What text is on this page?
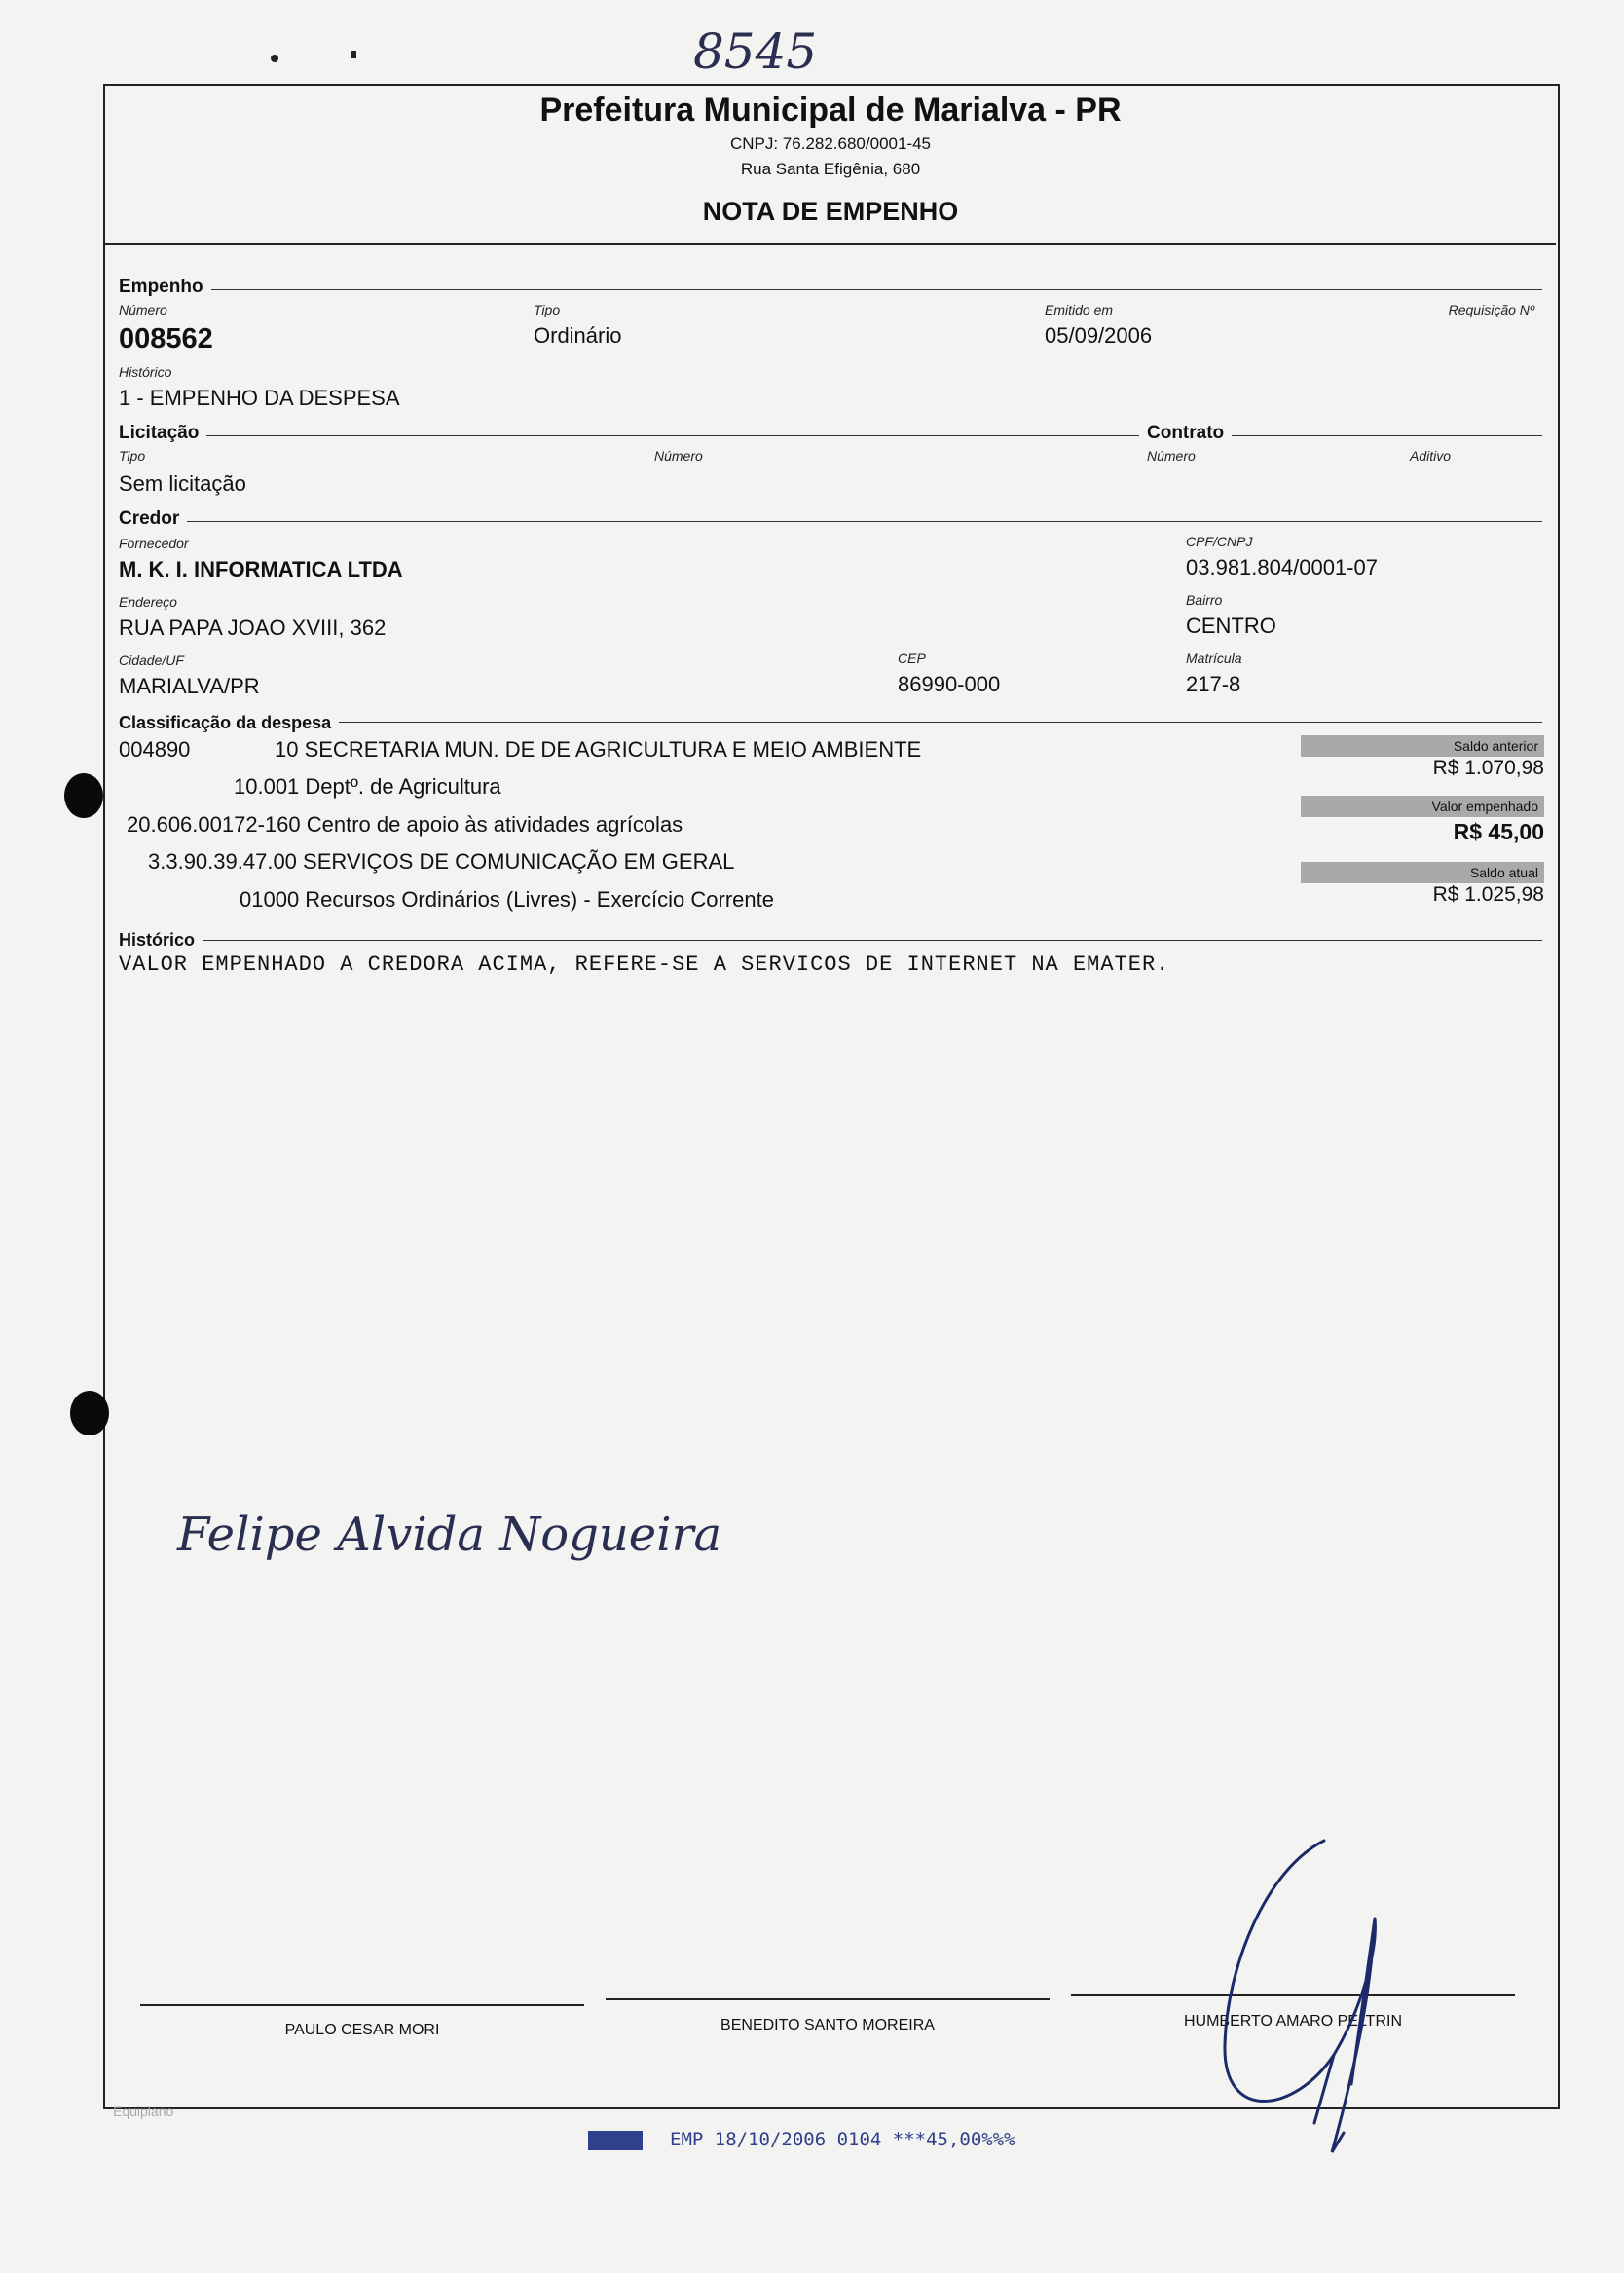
8545
Prefeitura Municipal de Marialva - PR
CNPJ: 76.282.680/0001-45
Rua Santa Efigênia, 680
NOTA DE EMPENHO
Empenho
Número
008562
Tipo
Ordinário
Emitido em
05/09/2006
Requisição Nº
Histórico
1 - EMPENHO DA DESPESA
Licitação	Contrato
Tipo
Sem licitação
Número	Número	Aditivo
Credor
Fornecedor
M. K. I. INFORMATICA LTDA
CPF/CNPJ
03.981.804/0001-07
Endereço
RUA PAPA JOAO XVIII, 362
Bairro
CENTRO
Cidade/UF
MARIALVA/PR
CEP
86990-000
Matrícula
217-8
Classificação da despesa
004890	10 SECRETARIA MUN. DE DE AGRICULTURA E MEIO AMBIENTE
10.001 Deptº. de Agricultura
20.606.00172-160 Centro de apoio às atividades agrícolas
3.3.90.39.47.00 SERVIÇOS DE COMUNICAÇÃO EM GERAL
01000 Recursos Ordinários (Livres) - Exercício Corrente
Saldo anterior
R$ 1.070,98
Valor empenhado
R$ 45,00
Saldo atual
R$ 1.025,98
Histórico
VALOR EMPENHADO A CREDORA ACIMA, REFERE-SE A SERVICOS DE INTERNET NA EMATER.
Felipe Alvida Nogueira
PAULO CESAR MORI	BENEDITO SANTO MOREIRA	HUMBERTO AMARO PELTRIN
Equiplano
EMP 18/10/2006 0104 ***45,00%%%
